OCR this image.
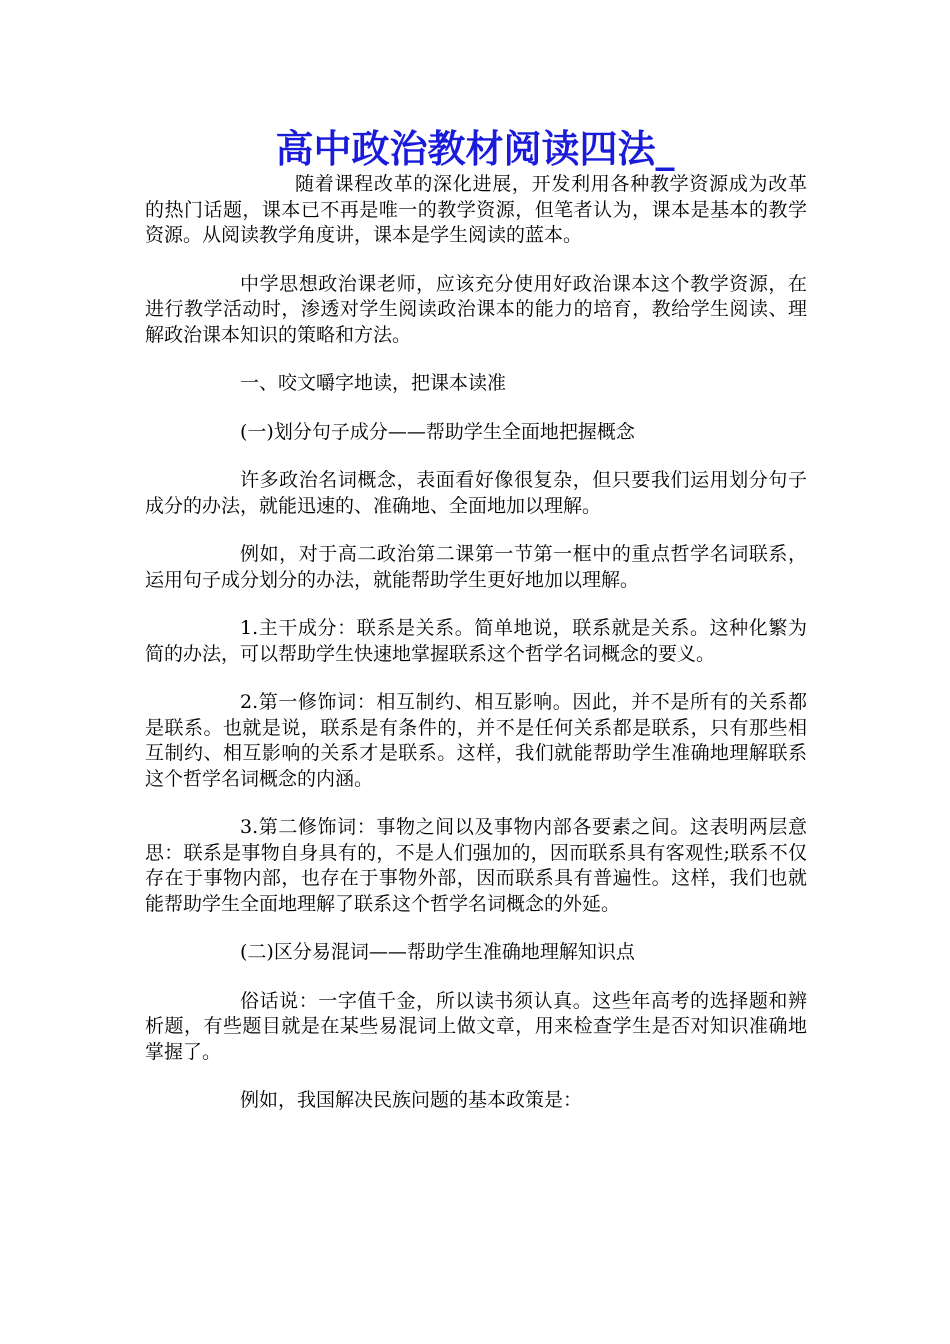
高中政治教材阅读四法_

随着课程改革的深化进展，开发利用各种教学资源成为改革的热门话题，课本已不再是唯一的教学资源，但笔者认为，课本是基本的教学资源。从阅读教学角度讲，课本是学生阅读的蓝本。

中学思想政治课老师，应该充分使用好政治课本这个教学资源，在进行教学活动时，渗透对学生阅读政治课本的能力的培育，教给学生阅读、理解政治课本知识的策略和方法。

一、咬文嚼字地读，把课本读准

(一)划分句子成分——帮助学生全面地把握概念

许多政治名词概念，表面看好像很复杂，但只要我们运用划分句子成分的办法，就能迅速的、准确地、全面地加以理解。

例如，对于高二政治第二课第一节第一框中的重点哲学名词联系，运用句子成分划分的办法，就能帮助学生更好地加以理解。

1.主干成分：联系是关系。简单地说，联系就是关系。这种化繁为简的办法，可以帮助学生快速地掌握联系这个哲学名词概念的要义。

2.第一修饰词：相互制约、相互影响。因此，并不是所有的关系都是联系。也就是说，联系是有条件的，并不是任何关系都是联系，只有那些相互制约、相互影响的关系才是联系。这样，我们就能帮助学生准确地理解联系这个哲学名词概念的内涵。

3.第二修饰词：事物之间以及事物内部各要素之间。这表明两层意思：联系是事物自身具有的，不是人们强加的，因而联系具有客观性;联系不仅存在于事物内部，也存在于事物外部，因而联系具有普遍性。这样，我们也就能帮助学生全面地理解了联系这个哲学名词概念的外延。

(二)区分易混词——帮助学生准确地理解知识点

俗话说：一字值千金，所以读书须认真。这些年高考的选择题和辨析题，有些题目就是在某些易混词上做文章，用来检查学生是否对知识准确地掌握了。

例如，我国解决民族问题的基本政策是：
